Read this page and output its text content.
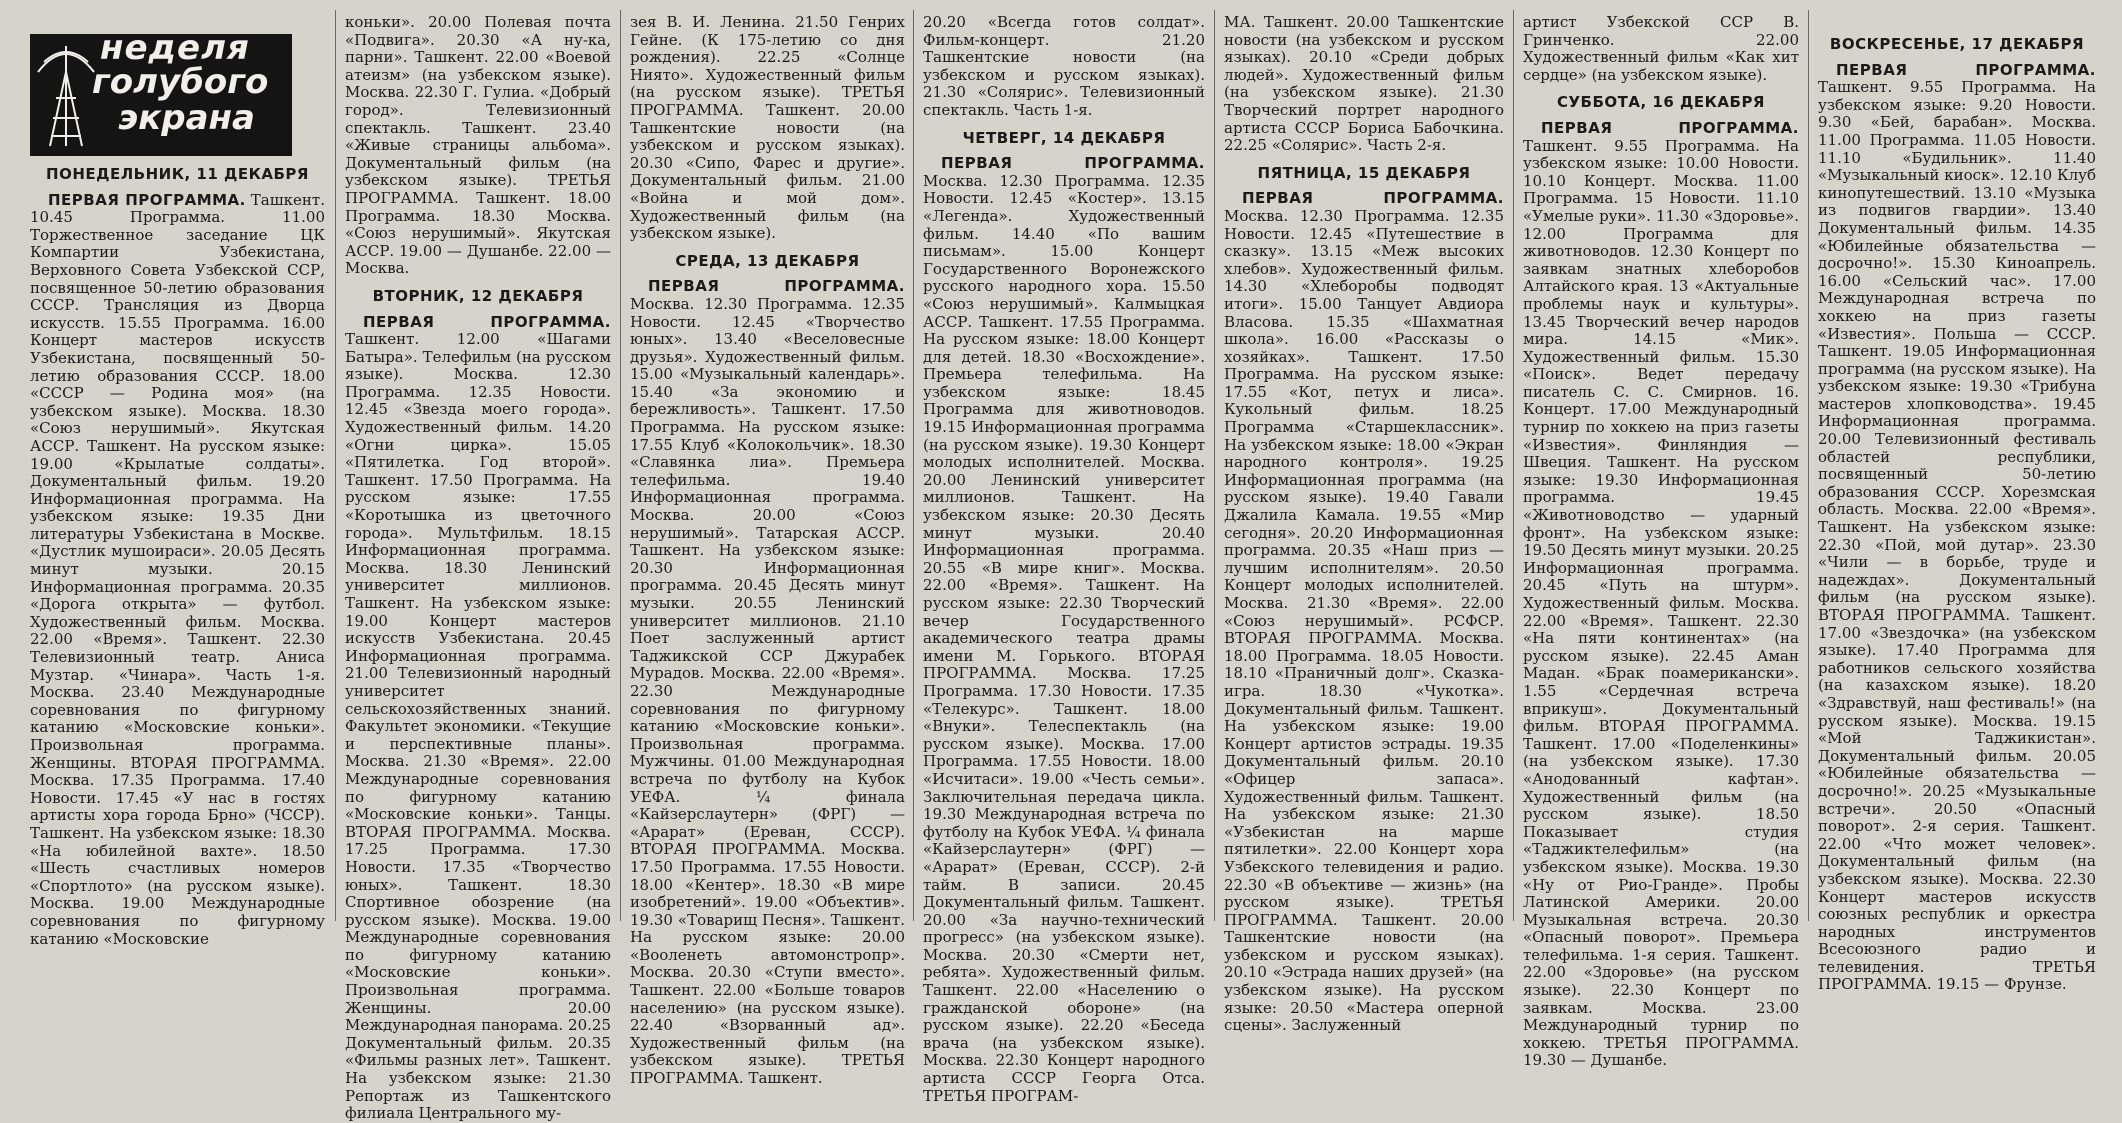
неделя
голубого
экрана
ПОНЕДЕЛЬНИК, 11 ДЕКАБРЯ

ПЕРВАЯ ПРОГРАММА. Ташкент. 10.45 Программа. 11.00 Торжественное заседание ЦК Компартии Узбекистана, Верховного Совета Узбекской ССР, посвященное 50-летию образования СССР. Трансляция из Дворца искусств. 15.55 Программа. 16.00 Концерт мастеров искусств Узбекистана, посвященный 50-летию образования СССР. 18.00 «СССР — Родина моя» (на узбекском языке). Москва. 18.30 «Союз нерушимый». Якутская АССР. Ташкент. На русском языке: 19.00 «Крылатые солдаты». Документальный фильм. 19.20 Информационная программа. На узбекском языке: 19.35 Дни литературы Узбекистана в Москве. «Дустлик мушоираси». 20.05 Десять минут музыки. 20.15 Информационная программа. 20.35 «Дорога открыта» — футбол. Художественный фильм. Москва. 22.00 «Время». Ташкент. 22.30 Телевизионный театр. Аниса Музтар. «Чинара». Часть 1-я. Москва. 23.40 Международные соревнования по фигурному катанию «Московские коньки». Произвольная программа. Женщины. ВТОРАЯ ПРОГРАММА. Москва. 17.35 Программа. 17.40 Новости. 17.45 «У нас в гостях артисты хора города Брно» (ЧССР). Ташкент. На узбекском языке: 18.30 «На юбилейной вахте». 18.50 «Шесть счастливых номеров «Спортлото» (на русском языке). Москва. 19.00 Международные соревнования по фигурному катанию «Московские

коньки». 20.00 Полевая почта «Подвига». 20.30 «А ну-ка, парни». Ташкент. 22.00 «Воевой атеизм» (на узбекском языке). Москва. 22.30 Г. Гулиа. «Добрый город». Телевизионный спектакль. Ташкент. 23.40 «Живые страницы альбома». Документальный фильм (на узбекском языке). ТРЕТЬЯ ПРОГРАММА. Ташкент. 18.00 Программа. 18.30 Москва. «Союз нерушимый». Якутская АССР. 19.00 — Душанбе. 22.00 — Москва.

ВТОРНИК, 12 ДЕКАБРЯ

ПЕРВАЯ ПРОГРАММА. Ташкент. 12.00 «Шагами Батыра». Телефильм (на русском языке). Москва. 12.30 Программа. 12.35 Новости. 12.45 «Звезда моего города». Художественный фильм. 14.20 «Огни цирка». 15.05 «Пятилетка. Год второй». Ташкент. 17.50 Программа. На русском языке: 17.55 «Коротышка из цветочного города». Мультфильм. 18.15 Информационная программа. Москва. 18.30 Ленинский университет миллионов. Ташкент. На узбекском языке: 19.00 Концерт мастеров искусств Узбекистана. 20.45 Информационная программа. 21.00 Телевизионный народный университет сельскохозяйственных знаний. Факультет экономики. «Текущие и перспективные планы». Москва. 21.30 «Время». 22.00 Международные соревнования по фигурному катанию «Московские коньки». Танцы. ВТОРАЯ ПРОГРАММА. Москва. 17.25 Программа. 17.30 Новости. 17.35 «Творчество юных». Ташкент. 18.30 Спортивное обозрение (на русском языке). Москва. 19.00 Международные соревнования по фигурному катанию «Московские коньки». Произвольная программа. Женщины. 20.00 Международная панорама. 20.25 Документальный фильм. 20.35 «Фильмы разных лет». Ташкент. На узбекском языке: 21.30 Репортаж из Ташкентского филиала Центрального му-

зея В. И. Ленина. 21.50 Генрих Гейне. (К 175-летию со дня рождения). 22.25 «Солнце Ниято». Художественный фильм (на русском языке). ТРЕТЬЯ ПРОГРАММА. Ташкент. 20.00 Ташкентские новости (на узбекском и русском языках). 20.30 «Сипо, Фарес и другие». Документальный фильм. 21.00 «Война и мой дом». Художественный фильм (на узбекском языке).

СРЕДА, 13 ДЕКАБРЯ

ПЕРВАЯ ПРОГРАММА. Москва. 12.30 Программа. 12.35 Новости. 12.45 «Творчество юных». 13.40 «Веселовесные друзья». Художественный фильм. 15.00 «Музыкальный календарь». 15.40 «За экономию и бережливость». Ташкент. 17.50 Программа. На русском языке: 17.55 Клуб «Колокольчик». 18.30 «Славянка лиа». Премьера телефильма. 19.40 Информационная программа. Москва. 20.00 «Союз нерушимый». Татарская АССР. Ташкент. На узбекском языке: 20.30 Информационная программа. 20.45 Десять минут музыки. 20.55 Ленинский университет миллионов. 21.10 Поет заслуженный артист Таджикской ССР Джурабек Мурадов. Москва. 22.00 «Время». 22.30 Международные соревнования по фигурному катанию «Московские коньки». Произвольная программа. Мужчины. 01.00 Международная встреча по футболу на Кубок УЕФА. ¼ финала «Кайзерслаутерн» (ФРГ) — «Арарат» (Ереван, СССР). ВТОРАЯ ПРОГРАММА. Москва. 17.50 Программа. 17.55 Новости. 18.00 «Кентер». 18.30 «В мире изобретений». 19.00 «Объектив». 19.30 «Товарищ Песня». Ташкент. На русском языке: 20.00 «Вооленеть автомонстропр». Москва. 20.30 «Ступи вместо». Ташкент. 22.00 «Больше товаров населению» (на русском языке). 22.40 «Взорванный ад». Художественный фильм (на узбекском языке). ТРЕТЬЯ ПРОГРАММА. Ташкент.

20.20 «Всегда готов солдат». Фильм-концерт. 21.20 Ташкентские новости (на узбекском и русском языках). 21.30 «Солярис». Телевизионный спектакль. Часть 1-я.

ЧЕТВЕРГ, 14 ДЕКАБРЯ

ПЕРВАЯ ПРОГРАММА. Москва. 12.30 Программа. 12.35 Новости. 12.45 «Костер». 13.15 «Легенда». Художественный фильм. 14.40 «По вашим письмам». 15.00 Концерт Государственного Воронежского русского народного хора. 15.50 «Союз нерушимый». Калмыцкая АССР. Ташкент. 17.55 Программа. На русском языке: 18.00 Концерт для детей. 18.30 «Восхождение». Премьера телефильма. На узбекском языке: 18.45 Программа для животноводов. 19.15 Информационная программа (на русском языке). 19.30 Концерт молодых исполнителей. Москва. 20.00 Ленинский университет миллионов. Ташкент. На узбекском языке: 20.30 Десять минут музыки. 20.40 Информационная программа. 20.55 «В мире книг». Москва. 22.00 «Время». Ташкент. На русском языке: 22.30 Творческий вечер Государственного академического театра драмы имени М. Горького. ВТОРАЯ ПРОГРАММА. Москва. 17.25 Программа. 17.30 Новости. 17.35 «Телекурс». Ташкент. 18.00 «Внуки». Телеспектакль (на русском языке). Москва. 17.00 Программа. 17.55 Новости. 18.00 «Исчитаси». 19.00 «Честь семьи». Заключительная передача цикла. 19.30 Международная встреча по футболу на Кубок УЕФА. ¼ финала «Кайзерслаутерн» (ФРГ) — «Арарат» (Ереван, СССР). 2-й тайм. В записи. 20.45 Документальный фильм. Ташкент. 20.00 «За научно-технический прогресс» (на узбекском языке). Москва. 20.30 «Смерти нет, ребята». Художественный фильм. Ташкент. 22.00 «Населению о гражданской обороне» (на русском языке). 22.20 «Беседа врача (на узбекском языке). Москва. 22.30 Концерт народного артиста СССР Георга Отса. ТРЕТЬЯ ПРОГРАМ-

МА. Ташкент. 20.00 Ташкентские новости (на узбекском и русском языках). 20.10 «Среди добрых людей». Художественный фильм (на узбекском языке). 21.30 Творческий портрет народного артиста СССР Бориса Бабочкина. 22.25 «Солярис». Часть 2-я.

ПЯТНИЦА, 15 ДЕКАБРЯ

ПЕРВАЯ ПРОГРАММА. Москва. 12.30 Программа. 12.35 Новости. 12.45 «Путешествие в сказку». 13.15 «Меж высоких хлебов». Художественный фильм. 14.30 «Хлеборобы подводят итоги». 15.00 Танцует Авдиора Власова. 15.35 «Шахматная школа». 16.00 «Рассказы о хозяйках». Ташкент. 17.50 Программа. На русском языке: 17.55 «Кот, петух и лиса». Кукольный фильм. 18.25 Программа «Старшеклассник». На узбекском языке: 18.00 «Экран народного контроля». 19.25 Информационная программа (на русском языке). 19.40 Гавали Джалила Камала. 19.55 «Мир сегодня». 20.20 Информационная программа. 20.35 «Наш приз — лучшим исполнителям». 20.50 Концерт молодых исполнителей. Москва. 21.30 «Время». 22.00 «Союз нерушимый». РСФСР. ВТОРАЯ ПРОГРАММА. Москва. 18.00 Программа. 18.05 Новости. 18.10 «Праничный долг». Сказка-игра. 18.30 «Чукотка». Документальный фильм. Ташкент. На узбекском языке: 19.00 Концерт артистов эстрады. 19.35 Документальный фильм. 20.10 «Офицер запаса». Художественный фильм. Ташкент. На узбекском языке: 21.30 «Узбекистан на марше пятилетки». 22.00 Концерт хора Узбекского телевидения и радио. 22.30 «В объективе — жизнь» (на русском языке). ТРЕТЬЯ ПРОГРАММА. Ташкент. 20.00 Ташкентские новости (на узбекском и русском языках). 20.10 «Эстрада наших друзей» (на узбекском языке). На русском языке: 20.50 «Мастера оперной сцены». Заслуженный

артист Узбекской ССР В. Гринченко. 22.00 Художественный фильм «Как хит сердце» (на узбекском языке).

СУББОТА, 16 ДЕКАБРЯ

ПЕРВАЯ ПРОГРАММА. Ташкент. 9.55 Программа. На узбекском языке: 10.00 Новости. 10.10 Концерт. Москва. 11.00 Программа. 15 Новости. 11.10 «Умелые руки». 11.30 «Здоровье». 12.00 Программа для животноводов. 12.30 Концерт по заявкам знатных хлеборобов Алтайского края. 13 «Актуальные проблемы наук и культуры». 13.45 Творческий вечер народов мира. 14.15 «Мик». Художественный фильм. 15.30 «Поиск». Ведет передачу писатель С. С. Смирнов. 16. Концерт. 17.00 Международный турнир по хоккею на приз газеты «Известия». Финляндия — Швеция. Ташкент. На русском языке: 19.30 Информационная программа. 19.45 «Животноводство — ударный фронт». На узбекском языке: 19.50 Десять минут музыки. 20.25 Информационная программа. 20.45 «Путь на штурм». Художественный фильм. Москва. 22.00 «Время». Ташкент. 22.30 «На пяти континентах» (на русском языке). 22.45 Аман Мадан. «Брак поамерикански». 1.55 «Сердечная встреча вприкуш». Документальный фильм. ВТОРАЯ ПРОГРАММА. Ташкент. 17.00 «Поделенкины» (на узбекском языке). 17.30 «Анодованный кафтан». Художественный фильм (на русском языке). 18.50 Показывает студия «Таджиктелефильм» (на узбекском языке). Москва. 19.30 «Ну от Рио-Гранде». Пробы Латинской Америки. 20.00 Музыкальная встреча. 20.30 «Опасный поворот». Премьера телефильма. 1-я серия. Ташкент. 22.00 «Здоровье» (на русском языке). 22.30 Концерт по заявкам. Москва. 23.00 Международный турнир по хоккею. ТРЕТЬЯ ПРОГРАММА. 19.30 — Душанбе.

ВОСКРЕСЕНЬЕ, 17 ДЕКАБРЯ

ПЕРВАЯ ПРОГРАММА. Ташкент. 9.55 Программа. На узбекском языке: 9.20 Новости. 9.30 «Бей, барабан». Москва. 11.00 Программа. 11.05 Новости. 11.10 «Будильник». 11.40 «Музыкальный киоск». 12.10 Клуб кинопутешествий. 13.10 «Музыка из подвигов гвардии». 13.40 Документальный фильм. 14.35 «Юбилейные обязательства — досрочно!». 15.30 Киноапрель. 16.00 «Сельский час». 17.00 Международная встреча по хоккею на приз газеты «Известия». Польша — СССР. Ташкент. 19.05 Информационная программа (на русском языке). На узбекском языке: 19.30 «Трибуна мастеров хлопководства». 19.45 Информационная программа. 20.00 Телевизионный фестиваль областей республики, посвященный 50-летию образования СССР. Хорезмская область. Москва. 22.00 «Время». Ташкент. На узбекском языке: 22.30 «Пой, мой дутар». 23.30 «Чили — в борьбе, труде и надеждах». Документальный фильм (на русском языке). ВТОРАЯ ПРОГРАММА. Ташкент. 17.00 «Звездочка» (на узбекском языке). 17.40 Программа для работников сельского хозяйства (на казахском языке). 18.20 «Здравствуй, наш фестиваль!» (на русском языке). Москва. 19.15 «Мой Таджикистан». Документальный фильм. 20.05 «Юбилейные обязательства — досрочно!». 20.25 «Музыкальные встречи». 20.50 «Опасный поворот». 2-я серия. Ташкент. 22.00 «Что может человек». Документальный фильм (на узбекском языке). Москва. 22.30 Концерт мастеров искусств союзных республик и оркестра народных инструментов Всесоюзного радио и телевидения. ТРЕТЬЯ ПРОГРАММА. 19.15 — Фрунзе.
